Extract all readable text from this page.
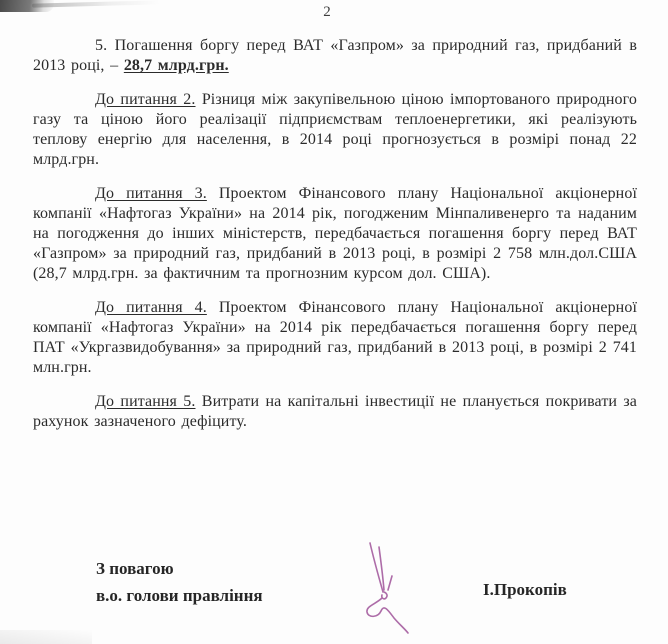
2

5. Погашення боргу перед ВАТ «Газпром» за природний газ, придбаний в 2013 році, – 28,7 млрд.грн.

До питання 2. Різниця між закупівельною ціною імпортованого природного газу та ціною його реалізації підприємствам теплоенергетики, які реалізують теплову енергію для населення, в 2014 році прогнозується в розмірі понад 22 млрд.грн.

До питання 3. Проектом Фінансового плану Національної акціонерної компанії «Нафтогаз України» на 2014 рік, погодженим Мінпаливенерго та наданим на погодження до інших міністерств, передбачається погашення боргу перед ВАТ «Газпром» за природний газ, придбаний в 2013 році, в розмірі 2 758 млн.дол.США (28,7 млрд.грн. за фактичним та прогнозним курсом дол. США).

До питання 4. Проектом Фінансового плану Національної акціонерної компанії «Нафтогаз України» на 2014 рік передбачається погашення боргу перед ПАТ «Укргазвидобування» за природний газ, придбаний в 2013 році, в розмірі 2 741 млн.грн.

До питання 5. Витрати на капітальні інвестиції не планується покривати за рахунок зазначеного дефіциту.

З повагою
в.о. голови правління	І.Прокопів
